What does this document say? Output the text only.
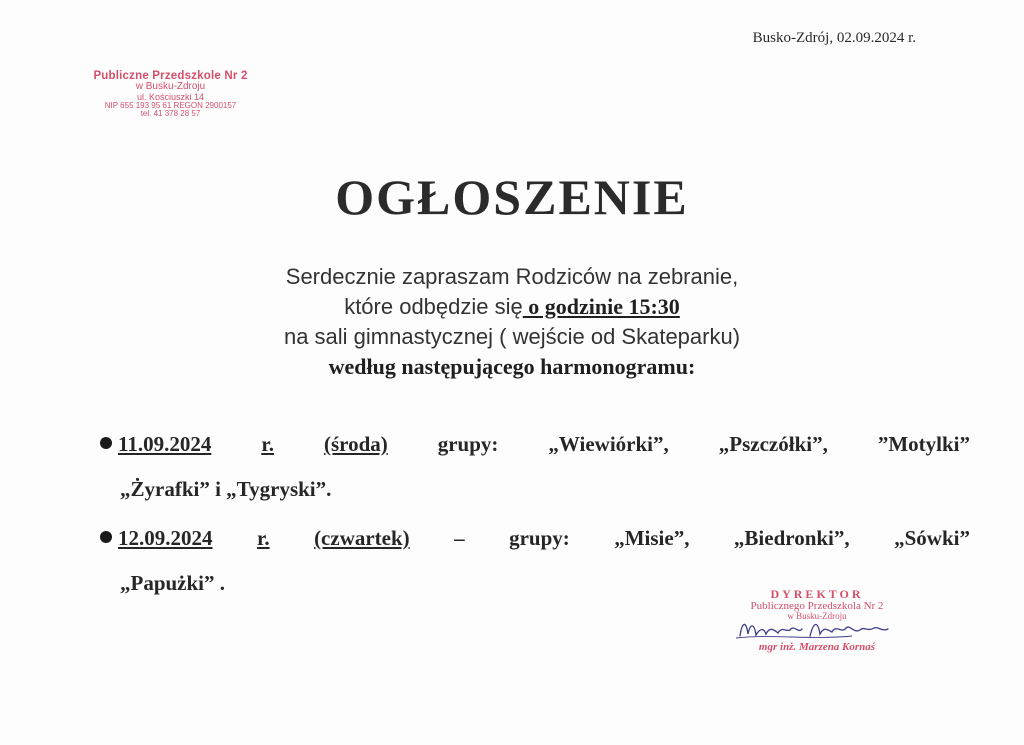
Busko-Zdrój, 02.09.2024 r.
Publiczne Przedszkole Nr 2
w Busku-Zdroju
ul. Kościuszki 14
NIP 655 193 95 61 REGON 2900157
tel. 41 378 28 57
OGŁOSZENIE
Serdecznie zapraszam Rodziców na zebranie,
które odbędzie się o godzinie 15:30
na sali gimnastycznej ( wejście od Skateparku)
według następującego harmonogramu:
11.09.2024 r. (środa) grupy: „Wiewiórki”, „Pszczółki”, ”Motylki”
„Żyrafki” i „Tygryski”.
12.09.2024 r. (czwartek) – grupy: „Misie”, „Biedronki”, „Sówki”
„Papużki” .	DYREKTOR
Publicznego Przedszkola Nr 2
w Busku-Zdroju
mgr inż. Marzena Kornaś
